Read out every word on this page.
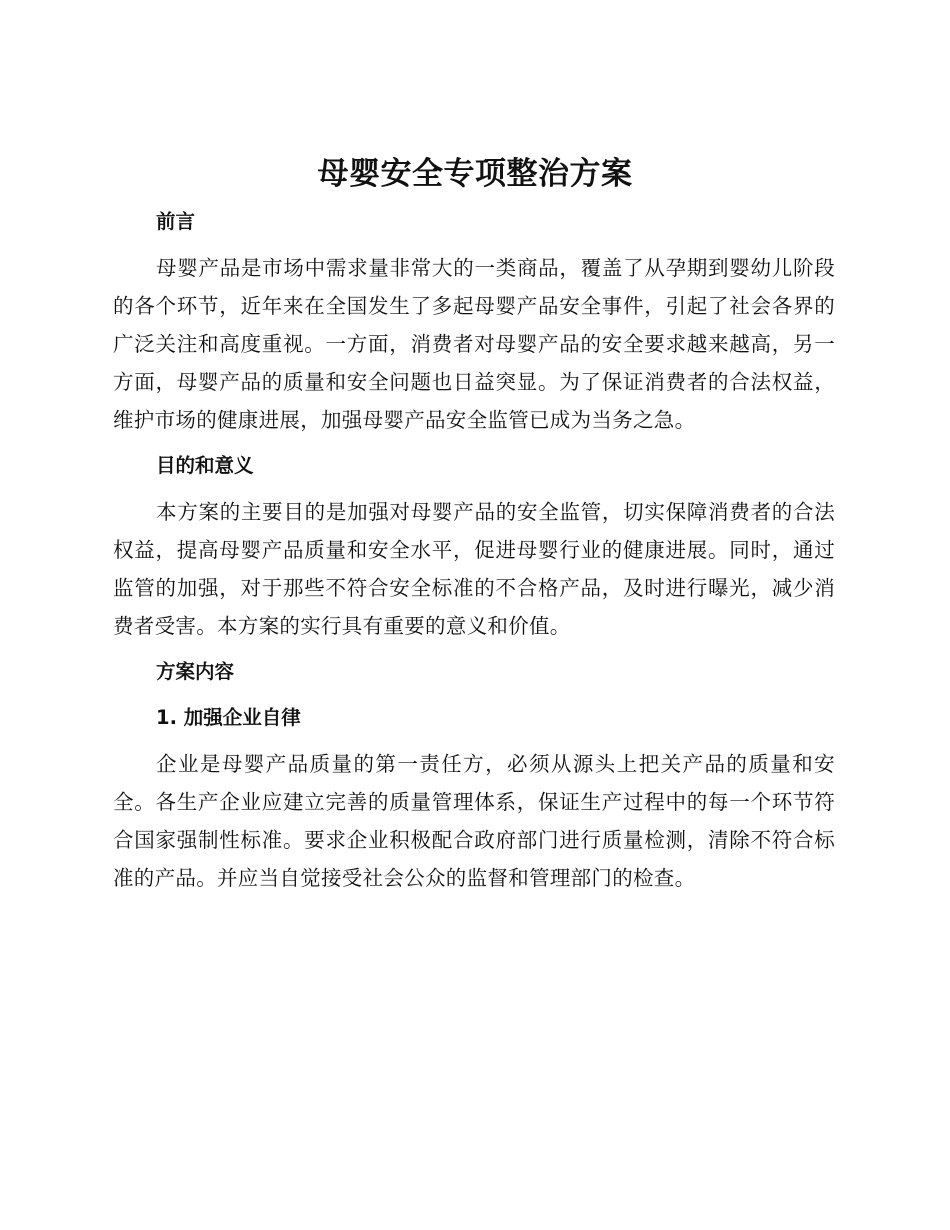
母婴安全专项整治方案
前言

母婴产品是市场中需求量非常大的一类商品，覆盖了从孕期到婴幼儿阶段的各个环节，近年来在全国发生了多起母婴产品安全事件，引起了社会各界的广泛关注和高度重视。一方面，消费者对母婴产品的安全要求越来越高，另一方面，母婴产品的质量和安全问题也日益突显。为了保证消费者的合法权益，维护市场的健康进展，加强母婴产品安全监管已成为当务之急。

目的和意义

本方案的主要目的是加强对母婴产品的安全监管，切实保障消费者的合法权益，提高母婴产品质量和安全水平，促进母婴行业的健康进展。同时，通过监管的加强，对于那些不符合安全标准的不合格产品，及时进行曝光，减少消费者受害。本方案的实行具有重要的意义和价值。

方案内容
1. 加强企业自律

企业是母婴产品质量的第一责任方，必须从源头上把关产品的质量和安全。各生产企业应建立完善的质量管理体系，保证生产过程中的每一个环节符合国家强制性标准。要求企业积极配合政府部门进行质量检测，清除不符合标准的产品。并应当自觉接受社会公众的监督和管理部门的检查。
